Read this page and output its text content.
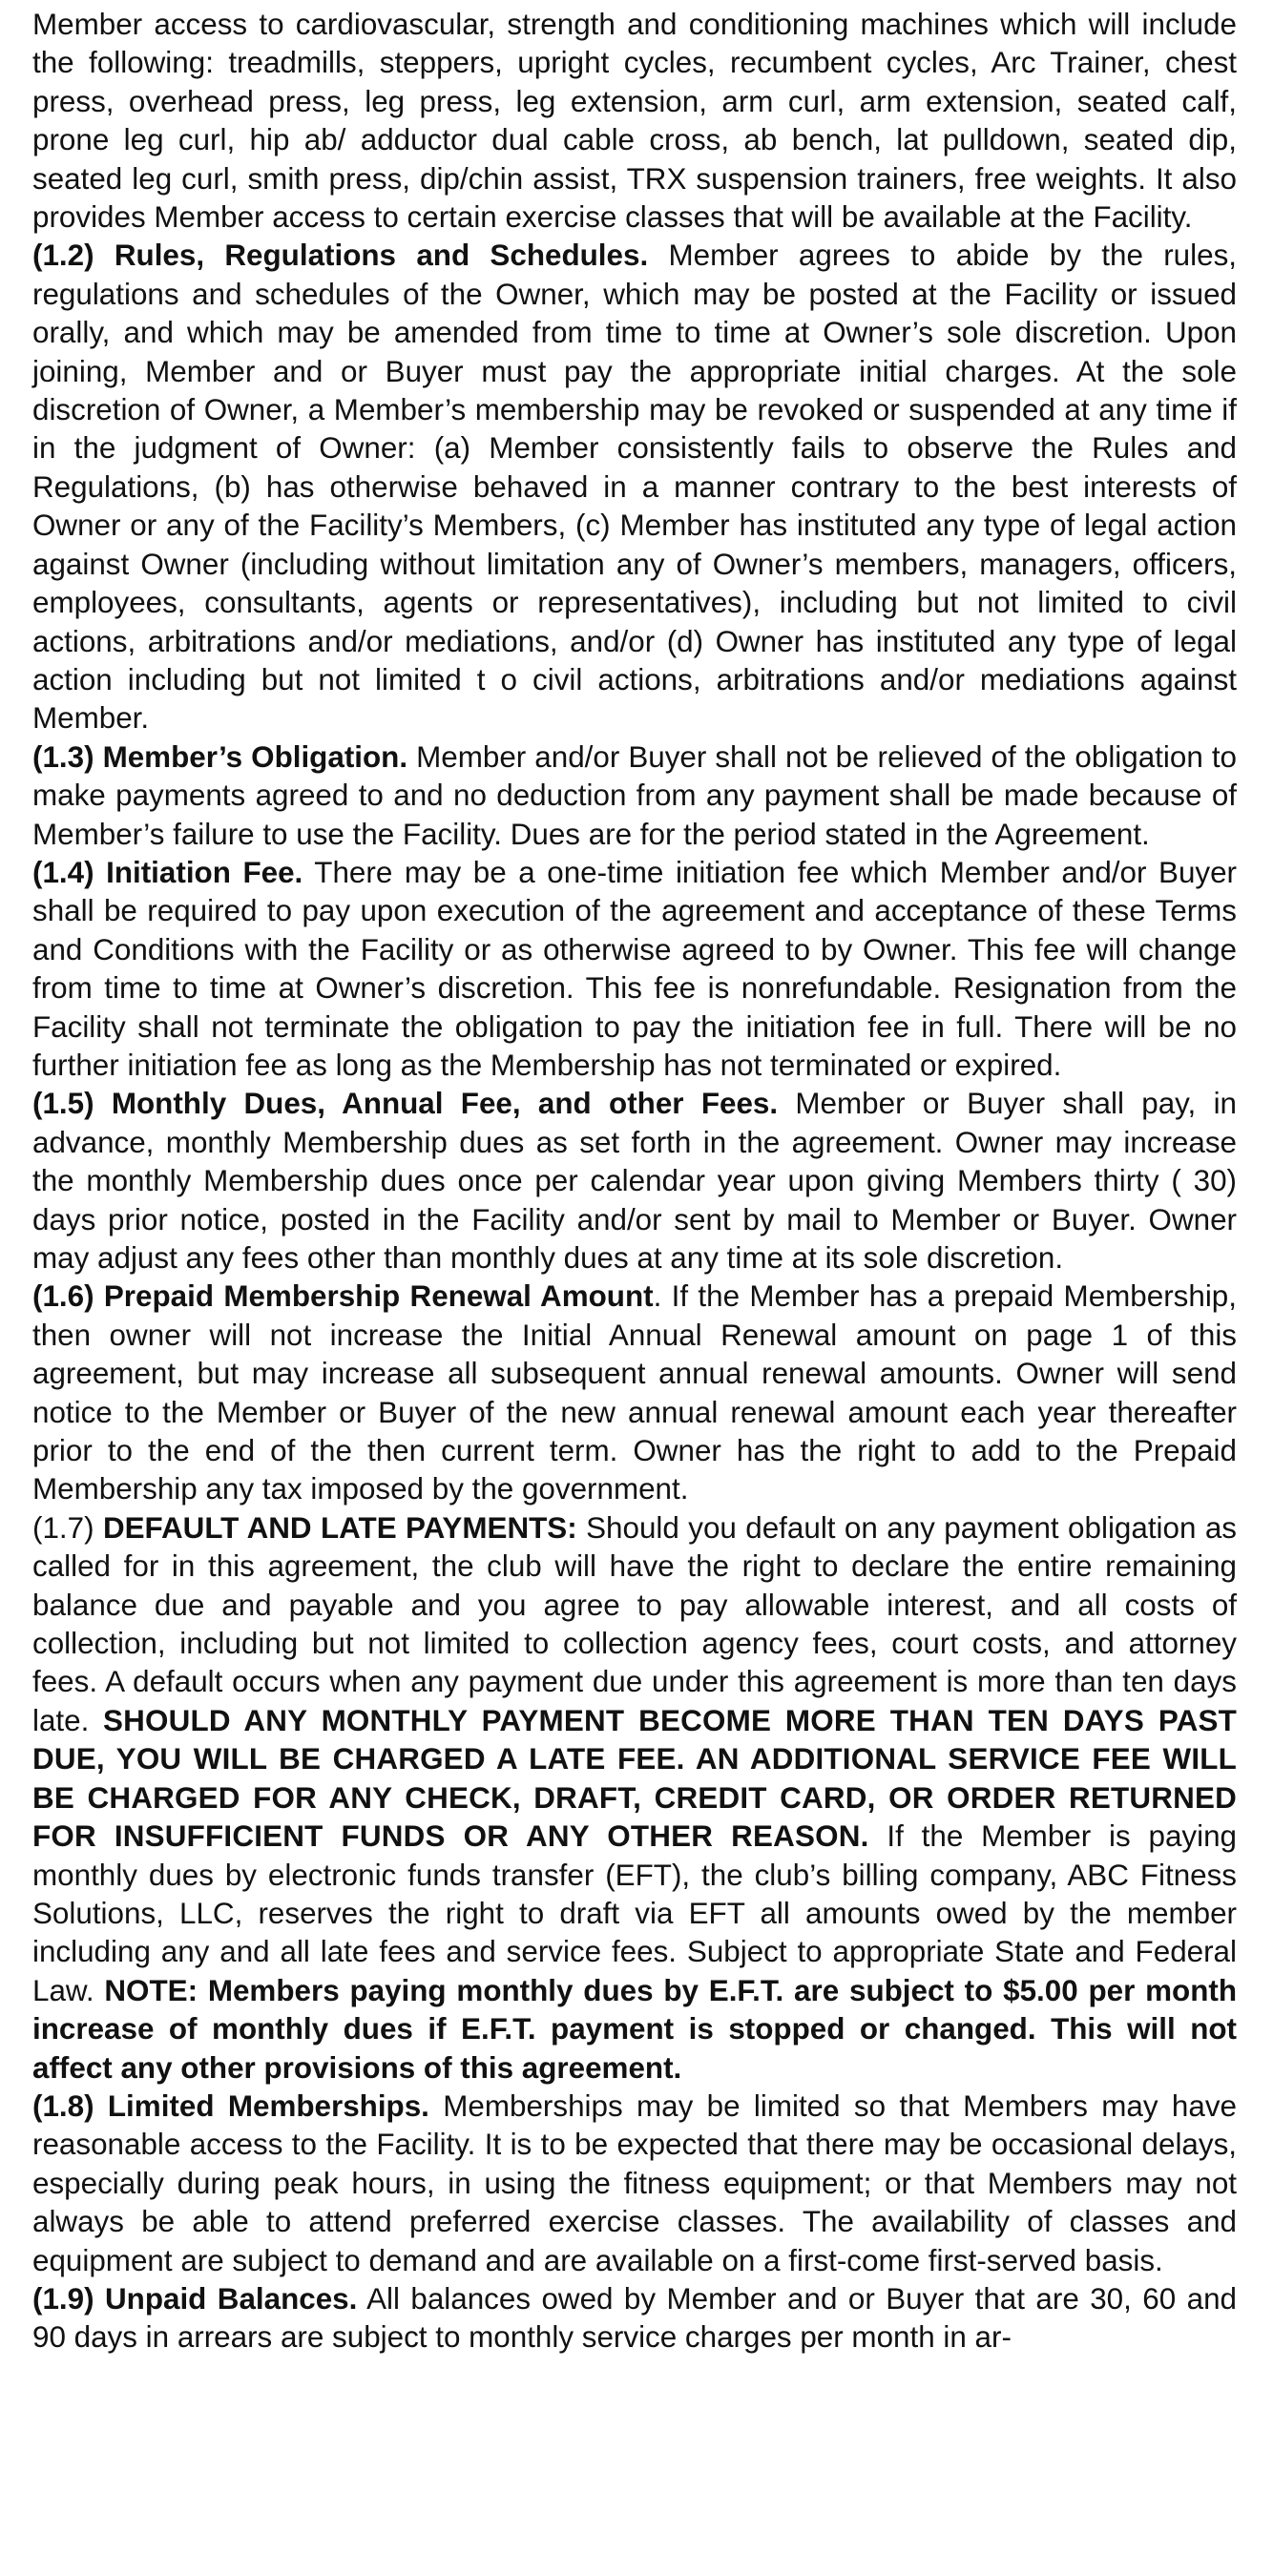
Member access to cardiovascular, strength and conditioning machines which will include the following: treadmills, steppers, upright cycles, recumbent cycles, Arc Trainer, chest press, overhead press, leg press, leg extension, arm curl, arm extension, seated calf, prone leg curl, hip ab/ adductor dual cable cross, ab bench, lat pulldown, seated dip, seated leg curl, smith press, dip/chin assist, TRX suspension trainers, free weights. It also provides Member access to certain exercise classes that will be available at the Facility.

(1.2) Rules, Regulations and Schedules. Member agrees to abide by the rules, regulations and schedules of the Owner, which may be posted at the Facility or issued orally, and which may be amended from time to time at Owner’s sole discretion. Upon joining, Member and or Buyer must pay the appropriate initial charges. At the sole discretion of Owner, a Member’s membership may be revoked or suspended at any time if in the judgment of Owner: (a) Member consistently fails to observe the Rules and Regulations, (b) has otherwise behaved in a manner contrary to the best interests of Owner or any of the Facility’s Members, (c) Member has instituted any type of legal action against Owner (including without limitation any of Owner’s members, managers, officers, employees, consultants, agents or representatives), including but not limited to civil actions, arbitrations and/or mediations, and/or (d) Owner has instituted any type of legal action including but not limited t o civil actions, arbitrations and/or mediations against Member.

(1.3) Member’s Obligation. Member and/or Buyer shall not be relieved of the obligation to make payments agreed to and no deduction from any payment shall be made because of Member’s failure to use the Facility. Dues are for the period stated in the Agreement.

(1.4) Initiation Fee. There may be a one-time initiation fee which Member and/or Buyer shall be required to pay upon execution of the agreement and acceptance of these Terms and Conditions with the Facility or as otherwise agreed to by Owner. This fee will change from time to time at Owner’s discretion. This fee is nonrefundable. Resignation from the Facility shall not terminate the obligation to pay the initiation fee in full. There will be no further initiation fee as long as the Membership has not terminated or expired.

(1.5) Monthly Dues, Annual Fee, and other Fees. Member or Buyer shall pay, in advance, monthly Membership dues as set forth in the agreement. Owner may increase the monthly Membership dues once per calendar year upon giving Members thirty ( 30) days prior notice, posted in the Facility and/or sent by mail to Member or Buyer. Owner may adjust any fees other than monthly dues at any time at its sole discretion.

(1.6) Prepaid Membership Renewal Amount. If the Member has a prepaid Membership, then owner will not increase the Initial Annual Renewal amount on page 1 of this agreement, but may increase all subsequent annual renewal amounts. Owner will send notice to the Member or Buyer of the new annual renewal amount each year thereafter prior to the end of the then current term. Owner has the right to add to the Prepaid Membership any tax imposed by the government.

(1.7) DEFAULT AND LATE PAYMENTS: Should you default on any payment obligation as called for in this agreement, the club will have the right to declare the entire remaining balance due and payable and you agree to pay allowable interest, and all costs of collection, including but not limited to collection agency fees, court costs, and attorney fees. A default occurs when any payment due under this agreement is more than ten days late. SHOULD ANY MONTHLY PAYMENT BECOME MORE THAN TEN DAYS PAST DUE, YOU WILL BE CHARGED A LATE FEE. AN ADDITIONAL SERVICE FEE WILL BE CHARGED FOR ANY CHECK, DRAFT, CREDIT CARD, OR ORDER RETURNED FOR INSUFFICIENT FUNDS OR ANY OTHER REASON. If the Member is paying monthly dues by electronic funds transfer (EFT), the club’s billing company, ABC Fitness Solutions, LLC, reserves the right to draft via EFT all amounts owed by the member including any and all late fees and service fees. Subject to appropriate State and Federal Law. NOTE: Members paying monthly dues by E.F.T. are subject to $5.00 per month increase of monthly dues if E.F.T. payment is stopped or changed. This will not affect any other provisions of this agreement.

(1.8) Limited Memberships. Memberships may be limited so that Members may have reasonable access to the Facility. It is to be expected that there may be occasional delays, especially during peak hours, in using the fitness equipment; or that Members may not always be able to attend preferred exercise classes. The availability of classes and equipment are subject to demand and are available on a first-come first-served basis.

(1.9) Unpaid Balances. All balances owed by Member and or Buyer that are 30, 60 and 90 days in arrears are subject to monthly service charges per month in ar-
